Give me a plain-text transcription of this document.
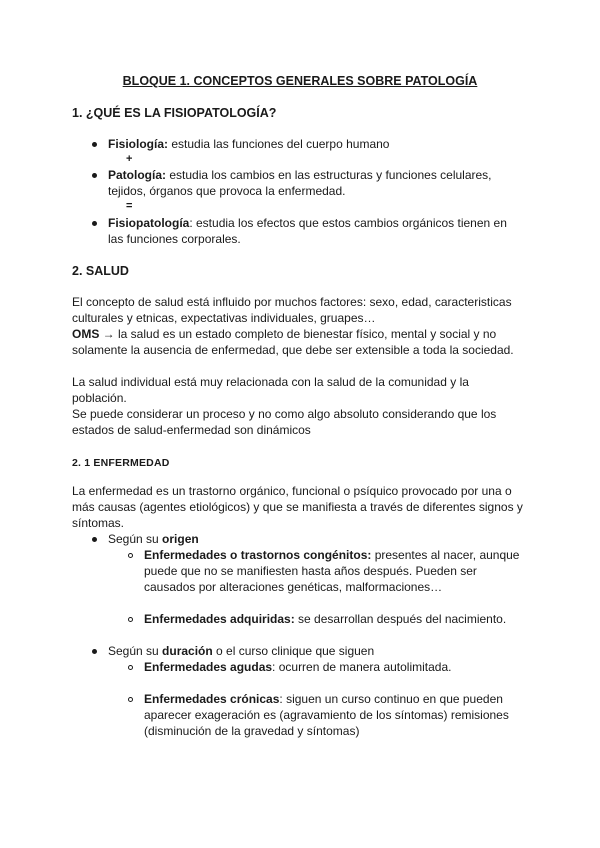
BLOQUE 1. CONCEPTOS GENERALES SOBRE PATOLOGÍA
1. ¿QUÉ ES LA FISIOPATOLOGÍA?
Fisiología: estudia las funciones del cuerpo humano
+
Patología: estudia los cambios en las estructuras y funciones celulares,
tejidos, órganos que provoca la enfermedad.
=
Fisiopatología: estudia los efectos que estos cambios orgánicos tienen en
las funciones corporales.
2. SALUD
El concepto de salud está influido por muchos factores: sexo, edad, caracteristicas
culturales y etnicas, expectativas individuales, gruapes…
OMS → la salud es un estado completo de bienestar físico, mental y social y no
solamente la ausencia de enfermedad, que debe ser extensible a toda la sociedad.
La salud individual está muy relacionada con la salud de la comunidad y la
población.
Se puede considerar un proceso y no como algo absoluto considerando que los
estados de salud-enfermedad son dinámicos
2. 1 ENFERMEDAD
La enfermedad es un trastorno orgánico, funcional o psíquico provocado por una o
más causas (agentes etiológicos) y que se manifiesta a través de diferentes signos y
síntomas.
Según su origen
Enfermedades o trastornos congénitos: presentes al nacer, aunque
puede que no se manifiesten hasta años después. Pueden ser
causados por alteraciones genéticas, malformaciones…
Enfermedades adquiridas: se desarrollan después del nacimiento.
Según su duración o el curso clinique que siguen
Enfermedades agudas: ocurren de manera autolimitada.
Enfermedades crónicas: siguen un curso continuo en que pueden
aparecer exageración es (agravamiento de los síntomas) remisiones
(disminución de la gravedad y síntomas)
